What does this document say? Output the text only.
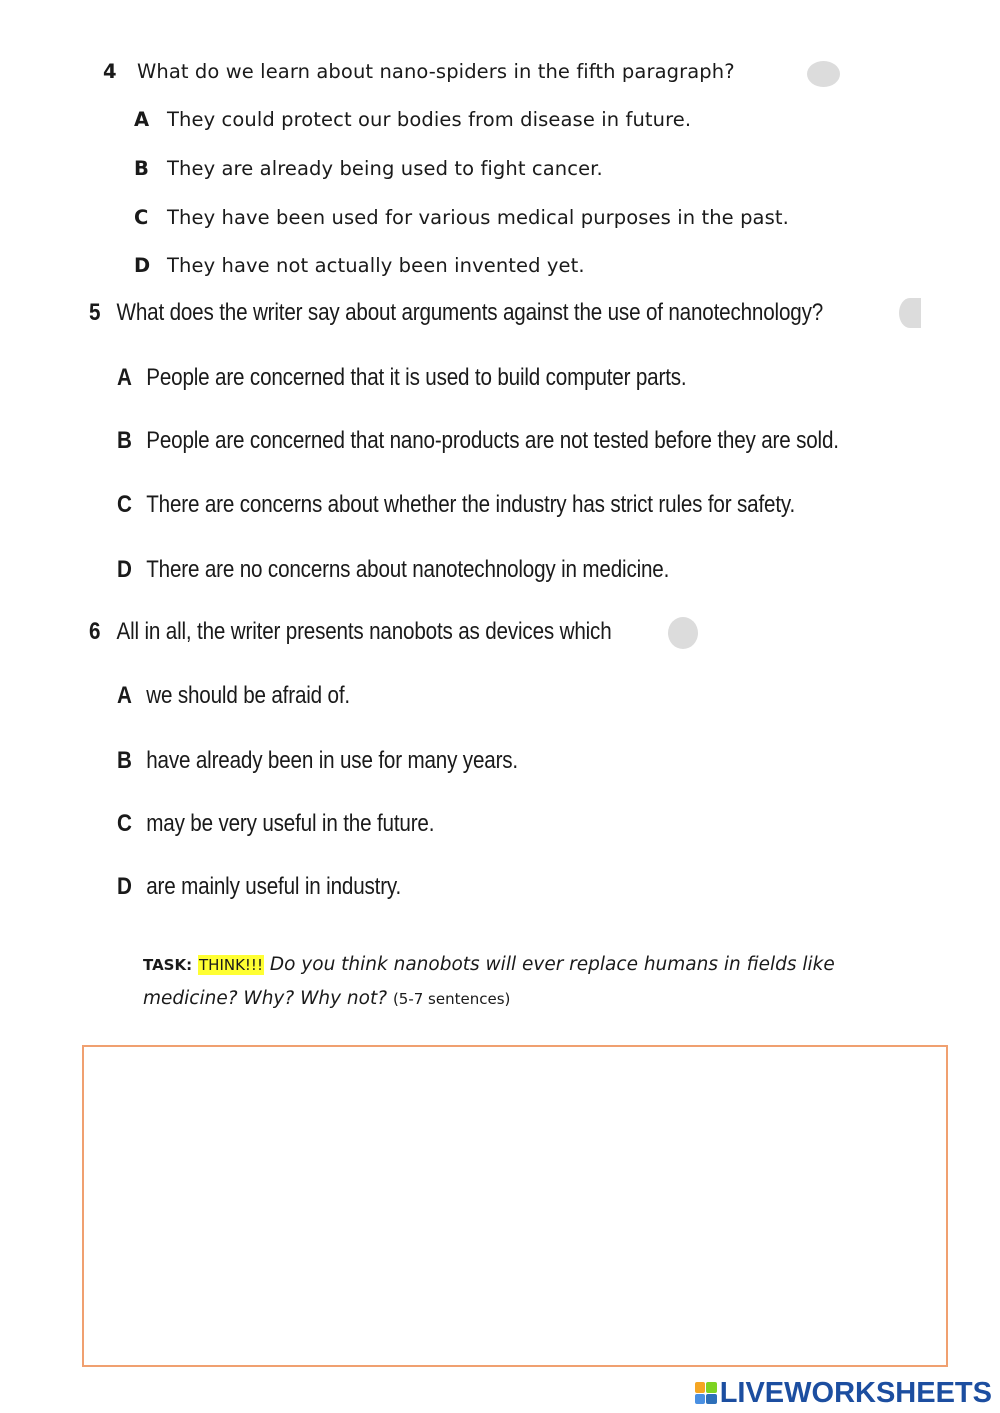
4 What do we learn about nano-spiders in the fifth paragraph?
A They could protect our bodies from disease in future.
B They are already being used to fight cancer.
C They have been used for various medical purposes in the past.
D They have not actually been invented yet.
5 What does the writer say about arguments against the use of nanotechnology?
A People are concerned that it is used to build computer parts.
B People are concerned that nano-products are not tested before they are sold.
C There are concerns about whether the industry has strict rules for safety.
D There are no concerns about nanotechnology in medicine.
6 All in all, the writer presents nanobots as devices which
A we should be afraid of.
B have already been in use for many years.
C may be very useful in the future.
D are mainly useful in industry.
TASK: THINK!!! Do you think nanobots will ever replace humans in fields like medicine? Why? Why not? (5-7 sentences)
LIVEWORKSHEETS
